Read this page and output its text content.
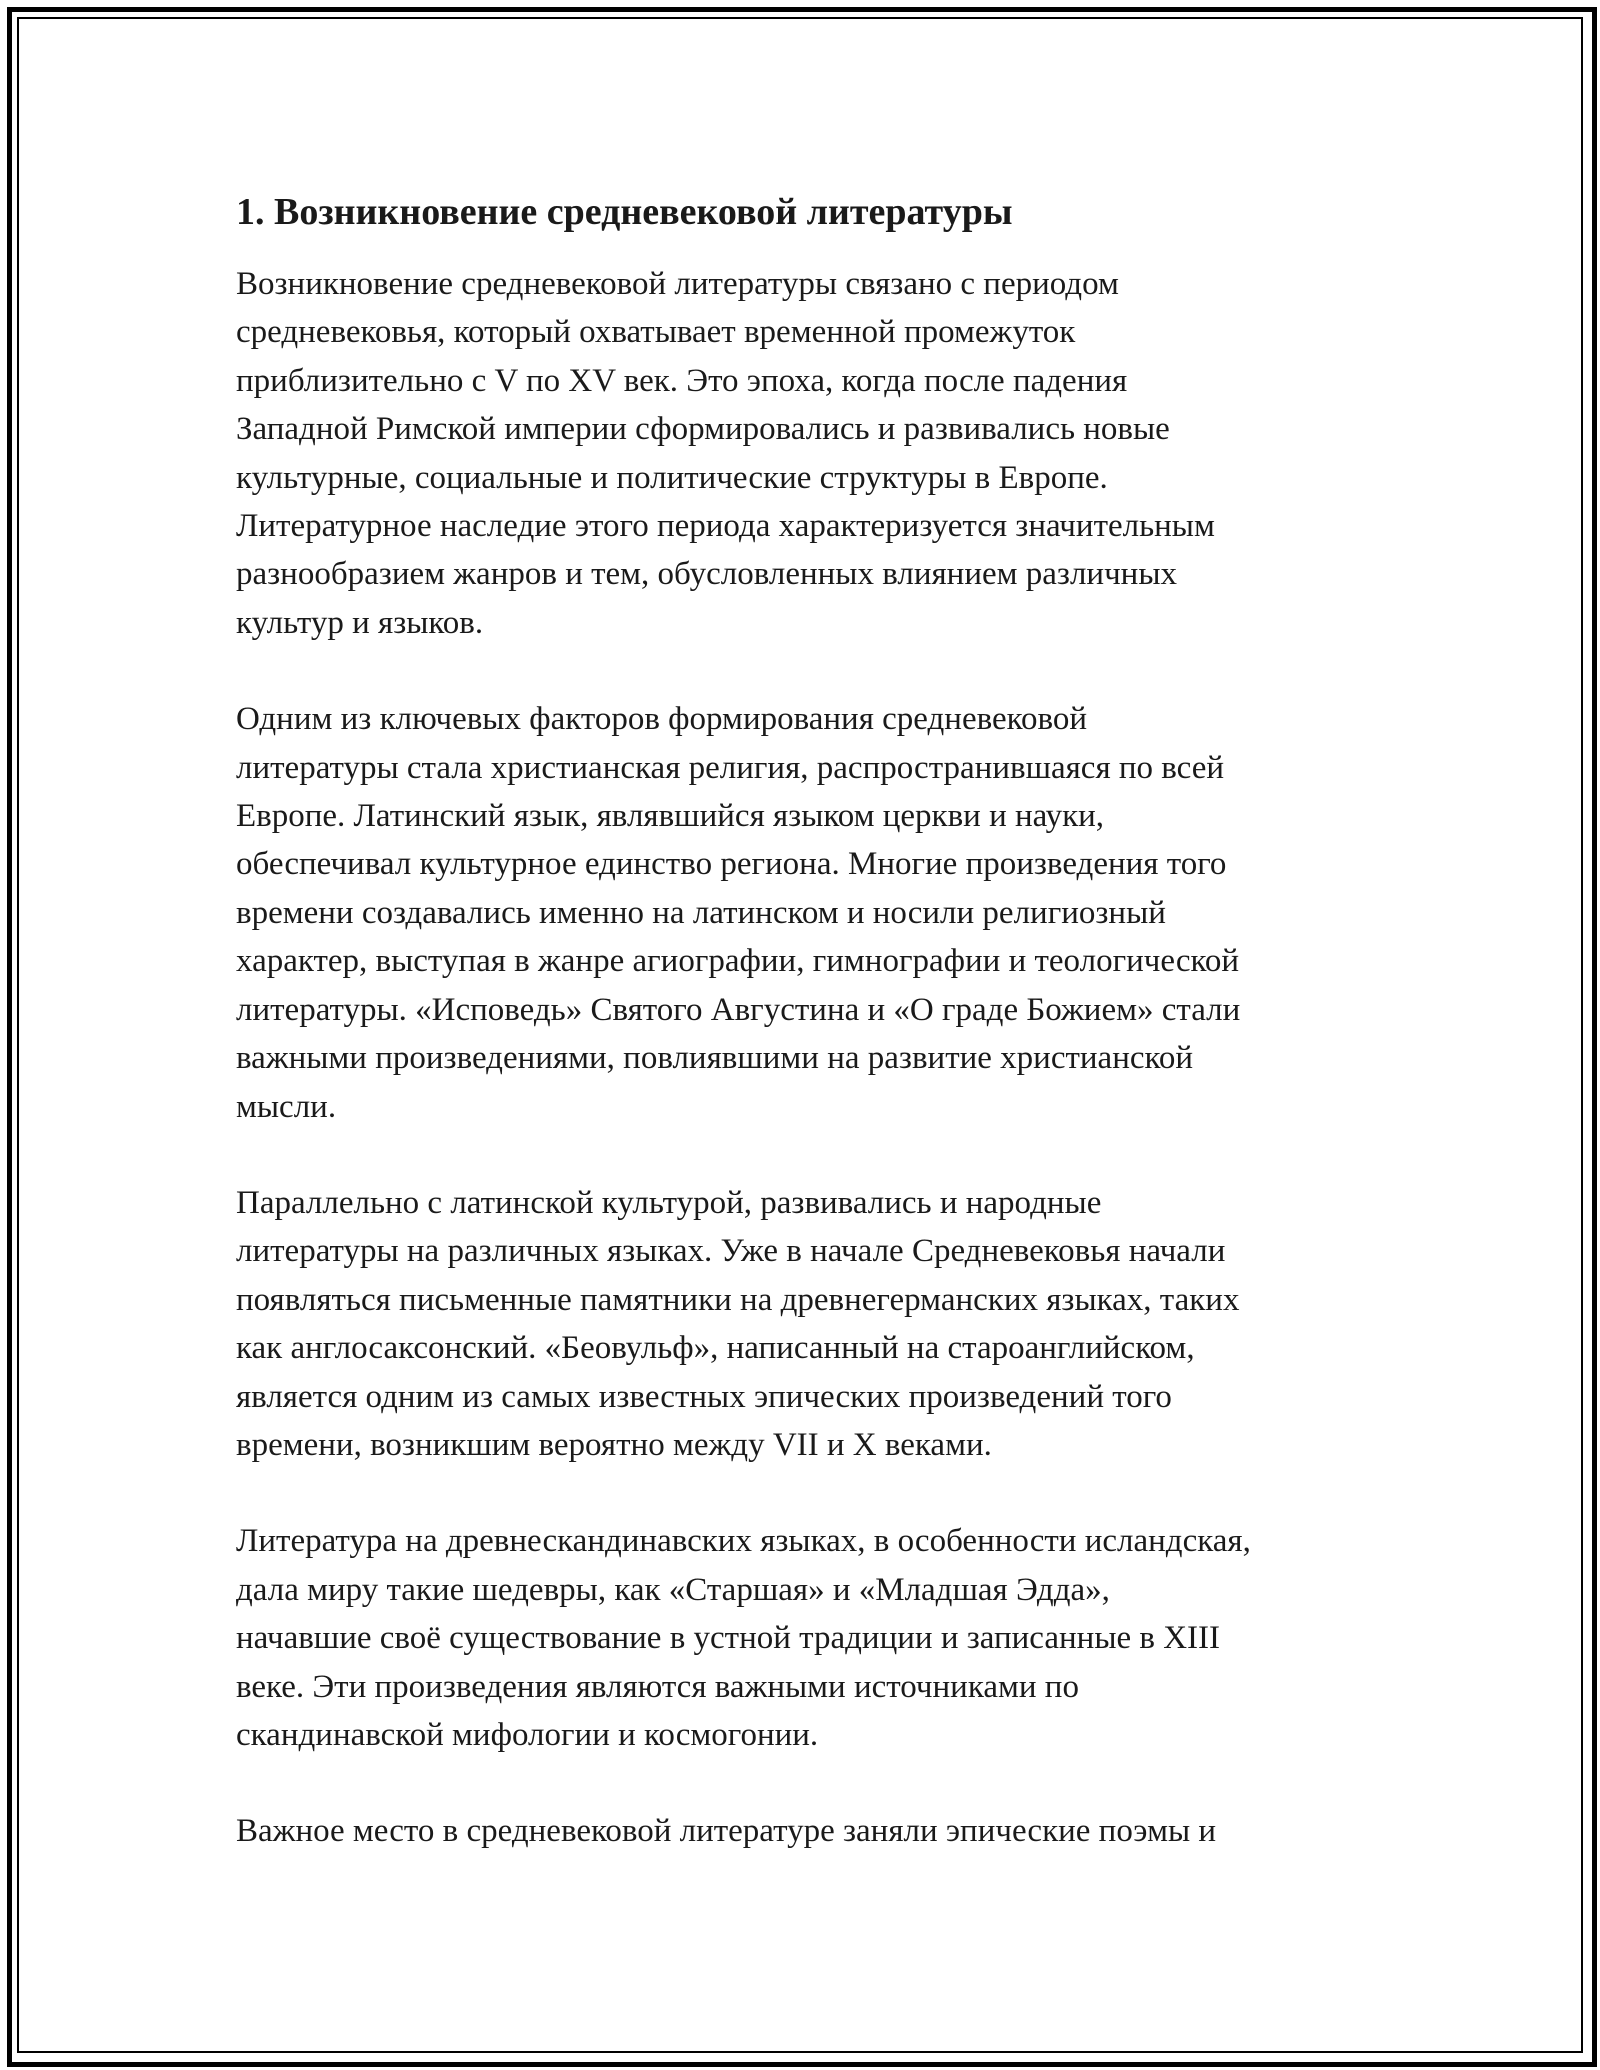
1. Возникновение средневековой литературы

Возникновение средневековой литературы связано с периодом
средневековья, который охватывает временной промежуток
приблизительно с V по XV век. Это эпоха, когда после падения
Западной Римской империи сформировались и развивались новые
культурные, социальные и политические структуры в Европе.
Литературное наследие этого периода характеризуется значительным
разнообразием жанров и тем, обусловленных влиянием различных
культур и языков.

Одним из ключевых факторов формирования средневековой
литературы стала христианская религия, распространившаяся по всей
Европе. Латинский язык, являвшийся языком церкви и науки,
обеспечивал культурное единство региона. Многие произведения того
времени создавались именно на латинском и носили религиозный
характер, выступая в жанре агиографии, гимнографии и теологической
литературы. «Исповедь» Святого Августина и «О граде Божием» стали
важными произведениями, повлиявшими на развитие христианской
мысли.

Параллельно с латинской культурой, развивались и народные
литературы на различных языках. Уже в начале Средневековья начали
появляться письменные памятники на древнегерманских языках, таких
как англосаксонский. «Беовульф», написанный на староанглийском,
является одним из самых известных эпических произведений того
времени, возникшим вероятно между VII и X веками.

Литература на древнескандинавских языках, в особенности исландская,
дала миру такие шедевры, как «Старшая» и «Младшая Эдда»,
начавшие своё существование в устной традиции и записанные в XIII
веке. Эти произведения являются важными источниками по
скандинавской мифологии и космогонии.

Важное место в средневековой литературе заняли эпические поэмы и
